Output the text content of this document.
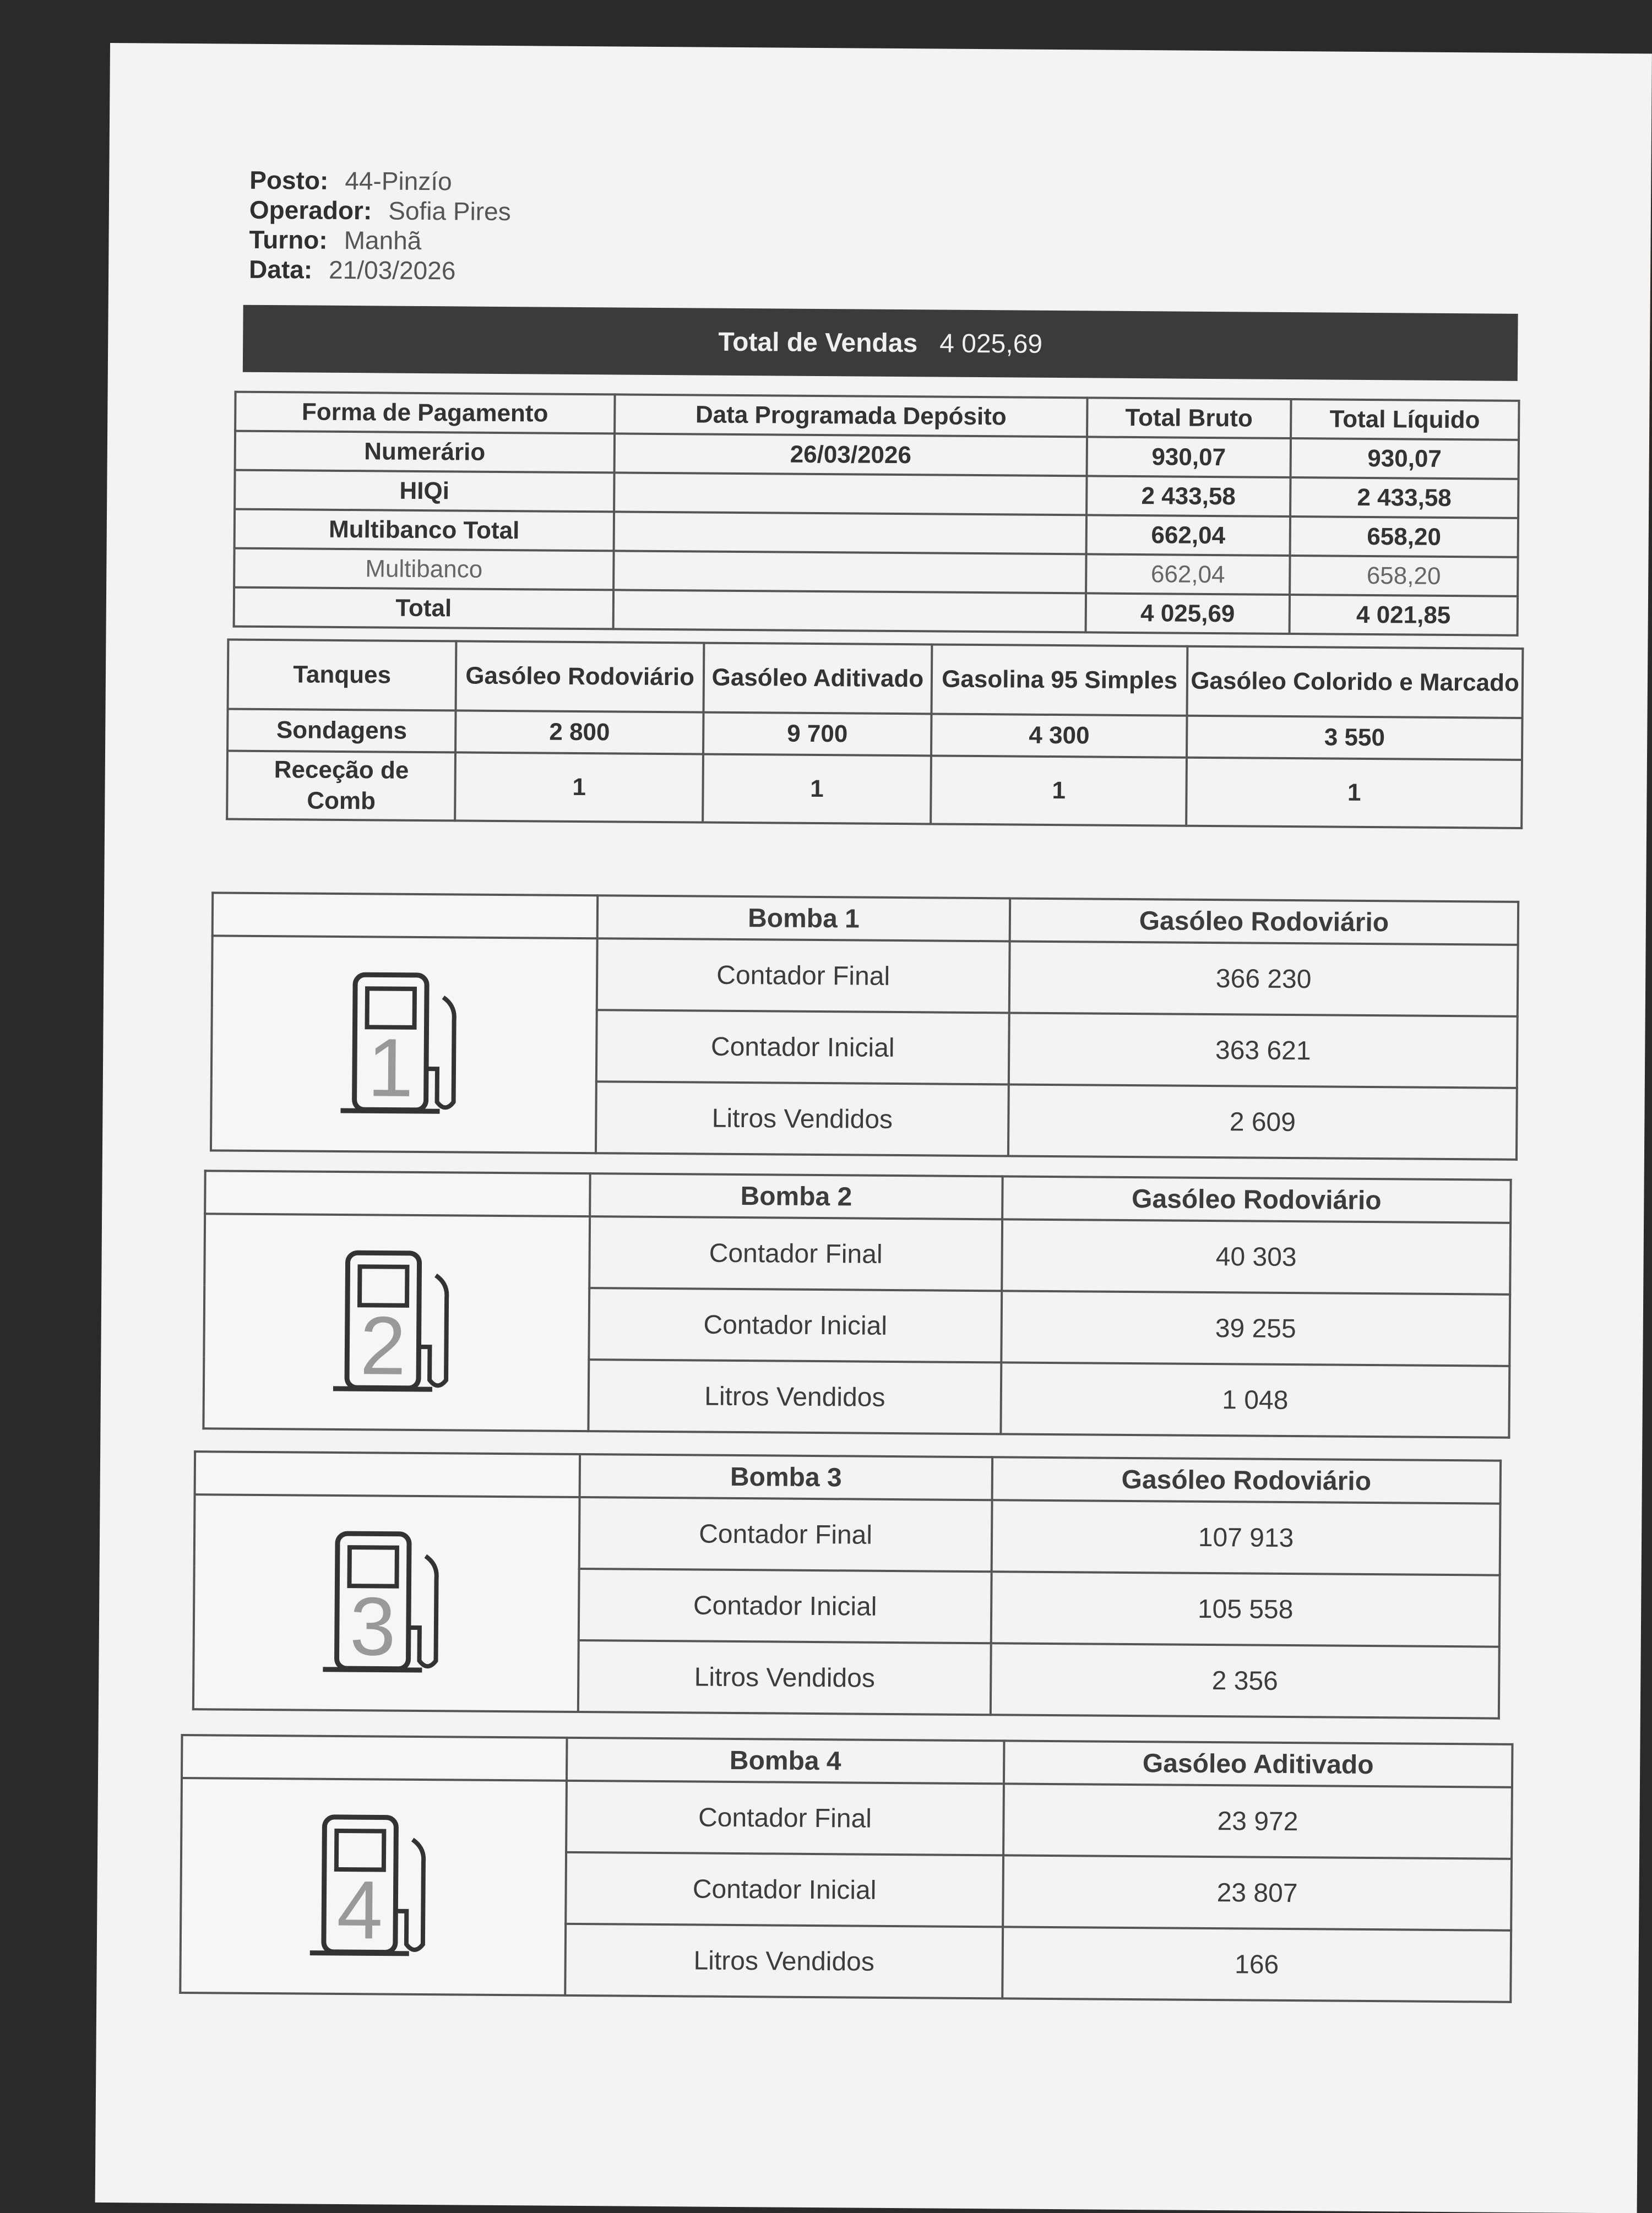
Posto: 44-Pinzío
Operador: Sofia Pires
Turno: Manhã
Data: 21/03/2026
Total de Vendas 4 025,69
Forma de Pagamento	Data Programada Depósito	Total Bruto	Total Líquido
Numerário	26/03/2026	930,07	930,07
HIQi		2 433,58	2 433,58
Multibanco Total		662,04	658,20
Multibanco		662,04	658,20
Total		4 025,69	4 021,85
Tanques	Gasóleo Rodoviário	Gasóleo Aditivado	Gasolina 95 Simples	Gasóleo Colorido e Marcado
Sondagens	2 800	9 700	4 300	3 550
Receção de Comb	1	1	1	1
	Bomba 1	Gasóleo Rodoviário

1	Contador Final	366 230
	Contador Inicial	363 621
	Litros Vendidos	2 609
	Bomba 2	Gasóleo Rodoviário

2	Contador Final	40 303
	Contador Inicial	39 255
	Litros Vendidos	1 048
	Bomba 3	Gasóleo Rodoviário

3	Contador Final	107 913
	Contador Inicial	105 558
	Litros Vendidos	2 356
	Bomba 4	Gasóleo Aditivado

4	Contador Final	23 972
	Contador Inicial	23 807
	Litros Vendidos	166
